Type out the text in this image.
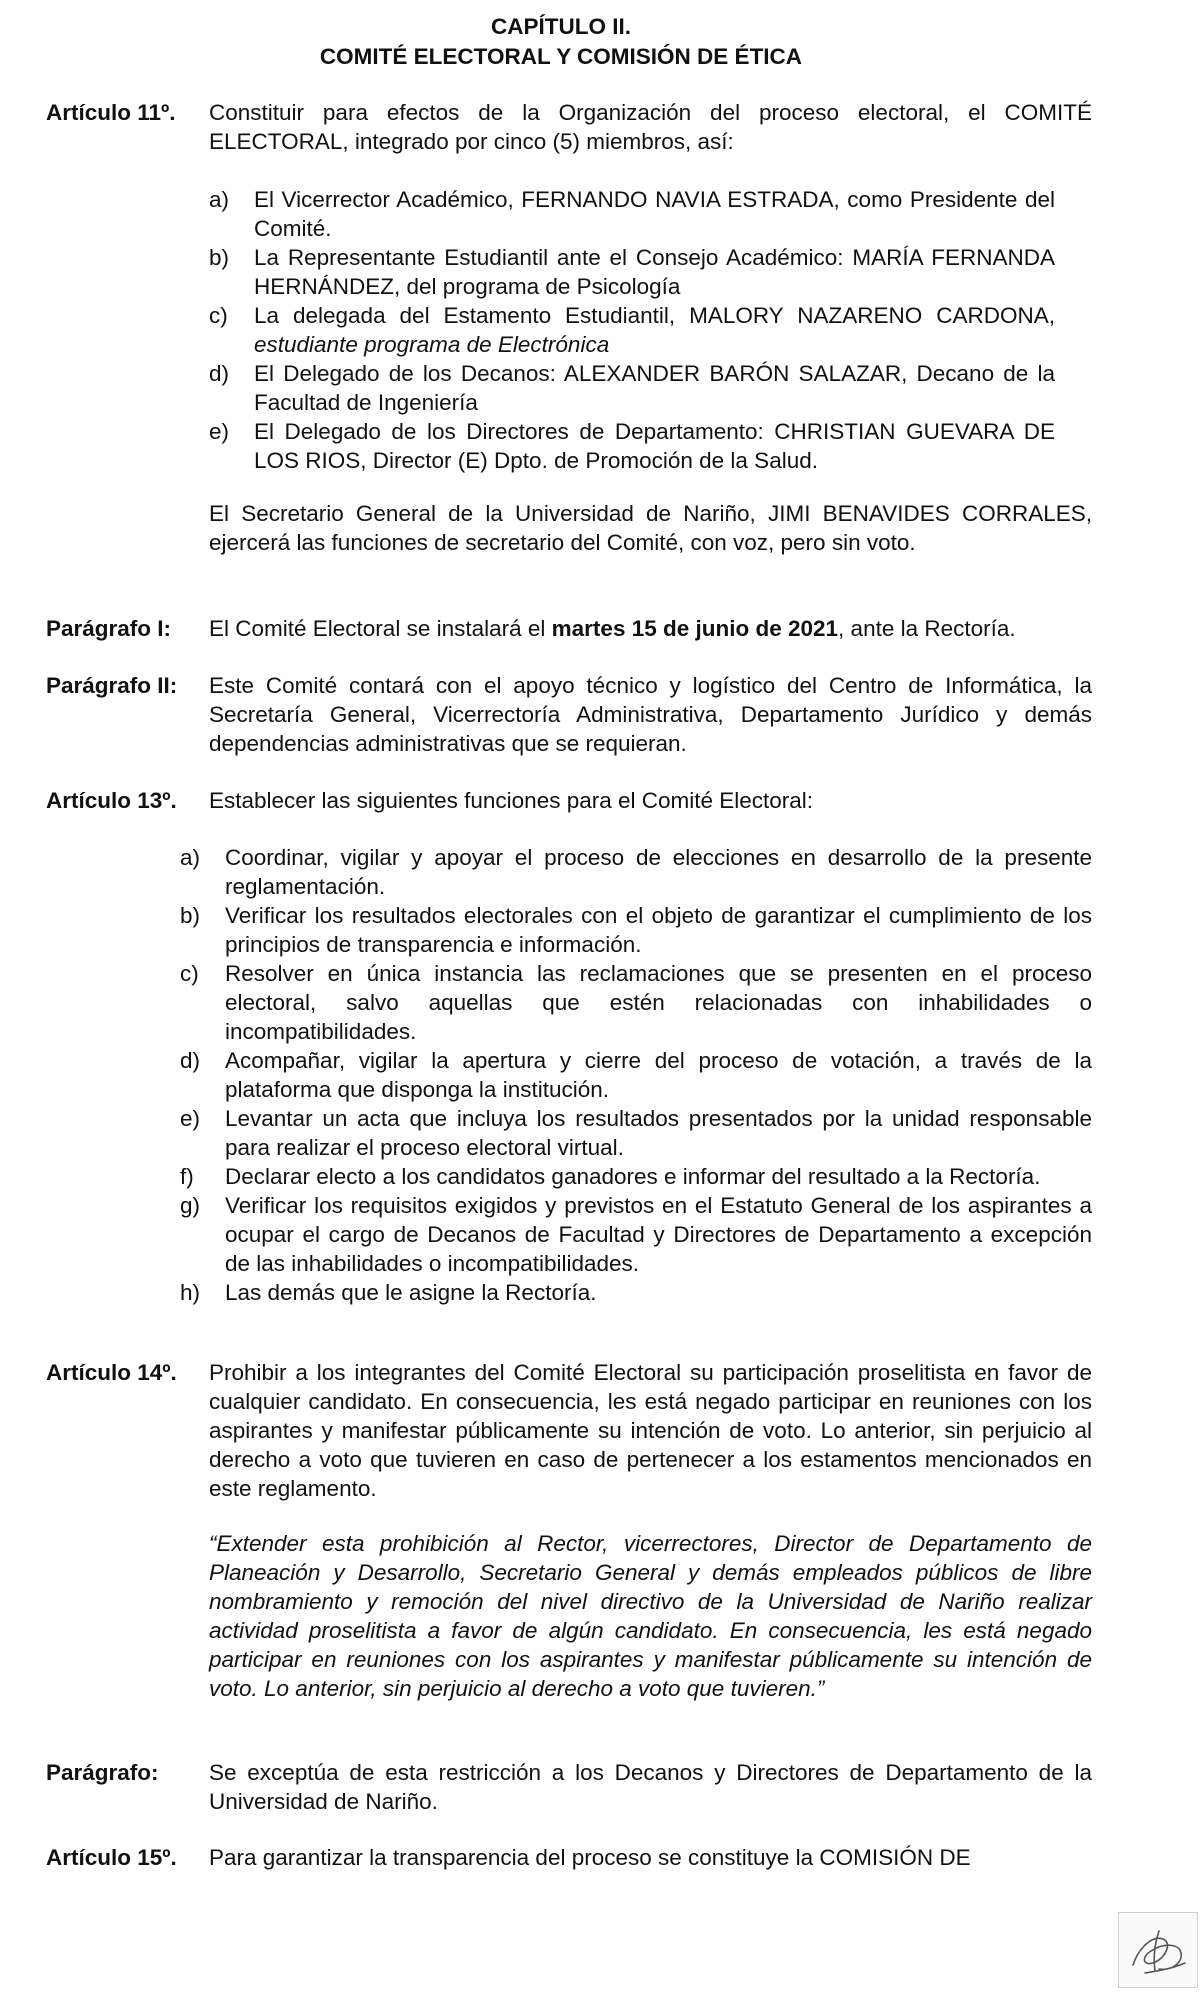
CAPÍTULO II.
COMITÉ ELECTORAL Y COMISIÓN DE ÉTICA
Artículo 11º. Constituir para efectos de la Organización del proceso electoral, el COMITÉ ELECTORAL, integrado por cinco (5) miembros, así:
a) El Vicerrector Académico, FERNANDO NAVIA ESTRADA, como Presidente del Comité.
b) La Representante Estudiantil ante el Consejo Académico: MARÍA FERNANDA HERNÁNDEZ, del programa de Psicología
c) La delegada del Estamento Estudiantil, MALORY NAZARENO CARDONA, estudiante programa de Electrónica
d) El Delegado de los Decanos: ALEXANDER BARÓN SALAZAR, Decano de la Facultad de Ingeniería
e) El Delegado de los Directores de Departamento: CHRISTIAN GUEVARA DE LOS RIOS, Director (E) Dpto. de Promoción de la Salud.
El Secretario General de la Universidad de Nariño, JIMI BENAVIDES CORRALES, ejercerá las funciones de secretario del Comité, con voz, pero sin voto.
Parágrafo I: El Comité Electoral se instalará el martes 15 de junio de 2021, ante la Rectoría.
Parágrafo II: Este Comité contará con el apoyo técnico y logístico del Centro de Informática, la Secretaría General, Vicerrectoría Administrativa, Departamento Jurídico y demás dependencias administrativas que se requieran.
Artículo 13º. Establecer las siguientes funciones para el Comité Electoral:
a) Coordinar, vigilar y apoyar el proceso de elecciones en desarrollo de la presente reglamentación.
b) Verificar los resultados electorales con el objeto de garantizar el cumplimiento de los principios de transparencia e información.
c) Resolver en única instancia las reclamaciones que se presenten en el proceso electoral, salvo aquellas que estén relacionadas con inhabilidades o incompatibilidades.
d) Acompañar, vigilar la apertura y cierre del proceso de votación, a través de la plataforma que disponga la institución.
e) Levantar un acta que incluya los resultados presentados por la unidad responsable para realizar el proceso electoral virtual.
f) Declarar electo a los candidatos ganadores e informar del resultado a la Rectoría.
g) Verificar los requisitos exigidos y previstos en el Estatuto General de los aspirantes a ocupar el cargo de Decanos de Facultad y Directores de Departamento a excepción de las inhabilidades o incompatibilidades.
h) Las demás que le asigne la Rectoría.
Artículo 14º. Prohibir a los integrantes del Comité Electoral su participación proselitista en favor de cualquier candidato. En consecuencia, les está negado participar en reuniones con los aspirantes y manifestar públicamente su intención de voto. Lo anterior, sin perjuicio al derecho a voto que tuvieren en caso de pertenecer a los estamentos mencionados en este reglamento.
“Extender esta prohibición al Rector, vicerrectores, Director de Departamento de Planeación y Desarrollo, Secretario General y demás empleados públicos de libre nombramiento y remoción del nivel directivo de la Universidad de Nariño realizar actividad proselitista a favor de algún candidato. En consecuencia, les está negado participar en reuniones con los aspirantes y manifestar públicamente su intención de voto. Lo anterior, sin perjuicio al derecho a voto que tuvieren.”
Parágrafo: Se exceptúa de esta restricción a los Decanos y Directores de Departamento de la Universidad de Nariño.
Artículo 15º. Para garantizar la transparencia del proceso se constituye la COMISIÓN DE
